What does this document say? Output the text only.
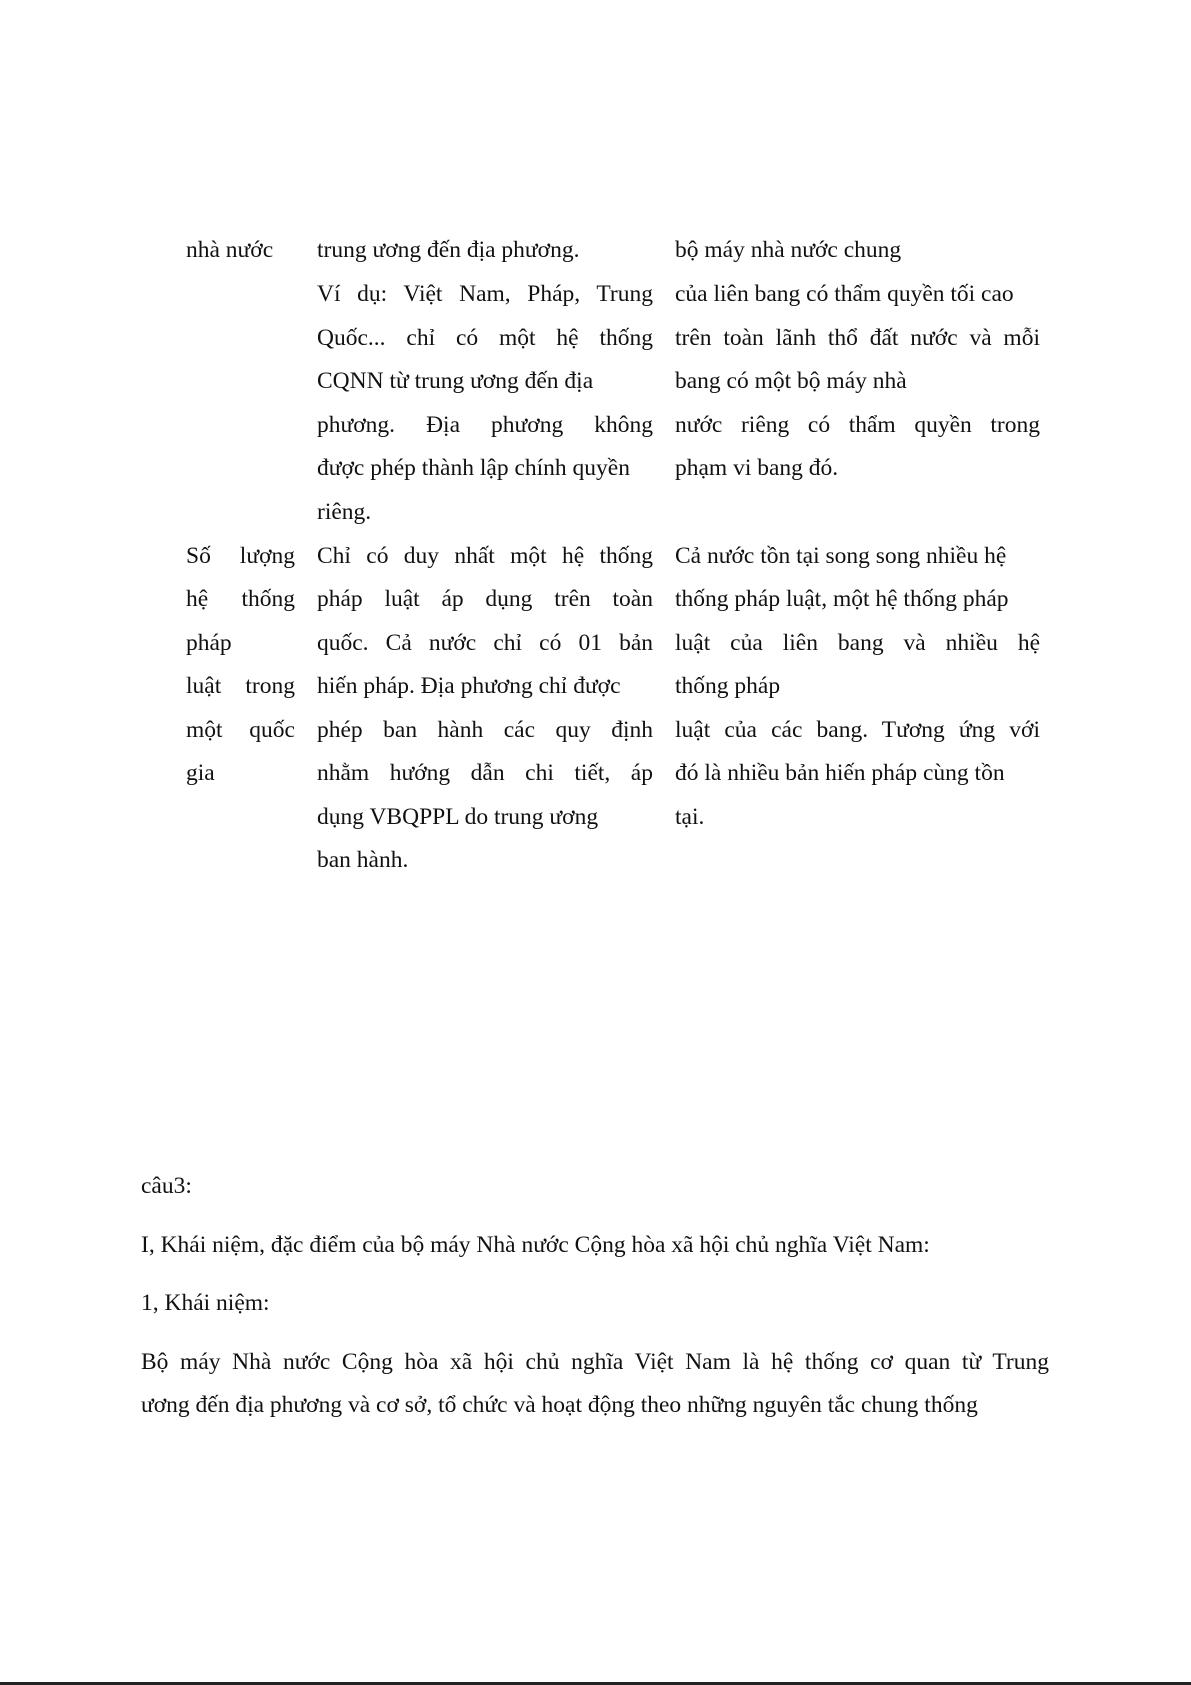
nhà nước	trung ương đến địa phương.
Ví dụ: Việt Nam, Pháp, Trung
Quốc... chỉ có một hệ thống
CQNN từ trung ương đến địa
phương. Địa phương không
được phép thành lập chính quyền
riêng.
bộ máy nhà nước chung
của liên bang có thẩm quyền tối cao
trên toàn lãnh thổ đất nước và mỗi
bang có một bộ máy nhà
nước riêng có thẩm quyền trong
phạm vi bang đó.
Số lượng
hệ thống
pháp
luật trong
một quốc
gia
Chỉ có duy nhất một hệ thống
pháp luật áp dụng trên toàn
quốc. Cả nước chỉ có 01 bản
hiến pháp. Địa phương chỉ được
phép ban hành các quy định
nhằm hướng dẫn chi tiết, áp
dụng VBQPPL do trung ương
ban hành.
Cả nước tồn tại song song nhiều hệ
thống pháp luật, một hệ thống pháp
luật của liên bang và nhiều hệ
thống pháp
luật của các bang. Tương ứng với
đó là nhiều bản hiến pháp cùng tồn
tại.
câu3:
I, Khái niệm, đặc điểm của bộ máy Nhà nước Cộng hòa xã hội chủ nghĩa Việt Nam:
1, Khái niệm:
Bộ máy Nhà nước Cộng hòa xã hội chủ nghĩa Việt Nam là hệ thống cơ quan từ Trung
ương đến địa phương và cơ sở, tổ chức và hoạt động theo những nguyên tắc chung thống
